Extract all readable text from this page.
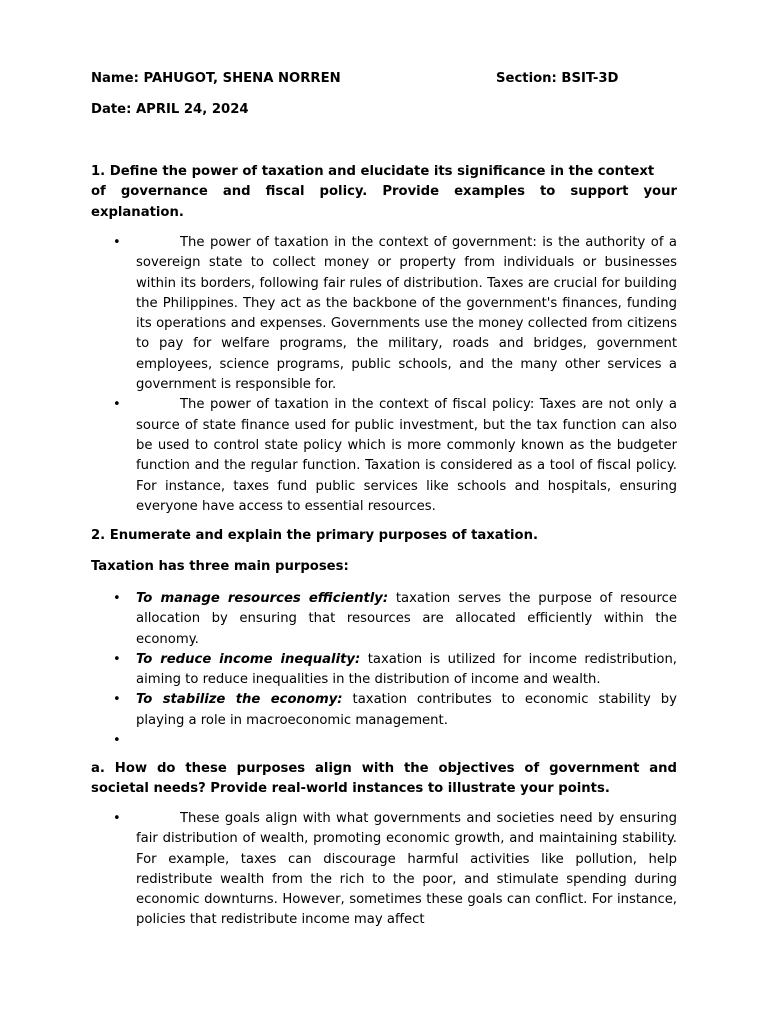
Name: PAHUGOT, SHENA NORREN	Section: BSIT-3D
Date: APRIL 24, 2024
1. Define the power of taxation and elucidate its significance in the context
of governance and fiscal policy. Provide examples to support your
explanation.
•	The power of taxation in the context of government: is the authority of a sovereign state to collect money or property from individuals or businesses within its borders, following fair rules of distribution. Taxes are crucial for building the Philippines. They act as the backbone of the government's finances, funding its operations and expenses. Governments use the money collected from citizens to pay for welfare programs, the military, roads and bridges, government employees, science programs, public schools, and the many other services a government is responsible for.
•	The power of taxation in the context of fiscal policy: Taxes are not only a source of state finance used for public investment, but the tax function can also be used to control state policy which is more commonly known as the budgeter function and the regular function. Taxation is considered as a tool of fiscal policy. For instance, taxes fund public services like schools and hospitals, ensuring everyone have access to essential resources.
2. Enumerate and explain the primary purposes of taxation.
Taxation has three main purposes:
• To manage resources efficiently: taxation serves the purpose of resource allocation by ensuring that resources are allocated efficiently within the economy.
• To reduce income inequality: taxation is utilized for income redistribution, aiming to reduce inequalities in the distribution of income and wealth.
• To stabilize the economy: taxation contributes to economic stability by playing a role in macroeconomic management.
•

a. How do these purposes align with the objectives of government and
societal needs? Provide real-world instances to illustrate your points.
•	These goals align with what governments and societies need by ensuring fair distribution of wealth, promoting economic growth, and maintaining stability. For example, taxes can discourage harmful activities like pollution, help redistribute wealth from the rich to the poor, and stimulate spending during economic downturns. However, sometimes these goals can conflict. For instance, policies that redistribute income may affect
